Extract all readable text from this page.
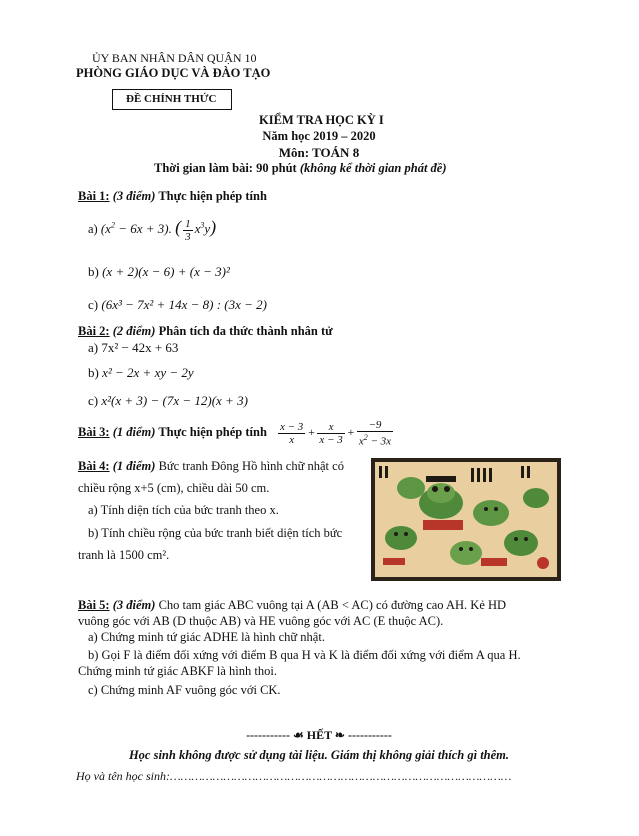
ỦY BAN NHÂN DÂN QUẬN 10
PHÒNG GIÁO DỤC VÀ ĐÀO TẠO
ĐỀ CHÍNH THỨC
KIỂM TRA HỌC KỲ I
Năm học 2019 – 2020
Môn: TOÁN 8
Thời gian làm bài: 90 phút (không kể thời gian phát đề)
Bài 1: (3 điểm) Thực hiện phép tính
a) $(x^2 - 6x + 3)$. ( $\frac{1}{3} x^3y$)
b) (x + 2)(x − 6) + (x − 3)²
c) (6x³ − 7x² + 14x − 8) : (3x − 2)
Bài 2: (2 điểm) Phân tích đa thức thành nhân tử
a) 7x² − 42x + 63
b) x² − 2x + xy − 2y
c) x²(x + 3) − (7x − 12)(x + 3)
Bài 3: (1 điểm) Thực hiện phép tính $\frac{x - 3}{x} + \frac{x}{x - 3} + \frac{-9}{x^2 - 3x}$
Bài 4: (1 điểm) Bức tranh Đông Hồ hình chữ nhật có
chiều rộng x+5 (cm), chiều dài 50 cm.
a) Tính diện tích của bức tranh theo x.
b) Tính chiều rộng của bức tranh biết diện tích bức
tranh là 1500 cm².
Bài 5: (3 điểm) Cho tam giác ABC vuông tại A (AB < AC) có đường cao AH. Kẻ HD
vuông góc với AB (D thuộc AB) và HE vuông góc với AC (E thuộc AC).
a) Chứng minh tứ giác ADHE là hình chữ nhật.
b) Gọi F là điểm đối xứng với điểm B qua H và K là điểm đối xứng với điểm A qua H.
Chứng minh tứ giác ABKF là hình thoi.
c) Chứng minh AF vuông góc với CK.
----------- ☙ HẾT ❧ -----------
Học sinh không được sử dụng tài liệu. Giám thị không giải thích gì thêm.
Họ và tên học sinh:……………………………………………………………………………………
